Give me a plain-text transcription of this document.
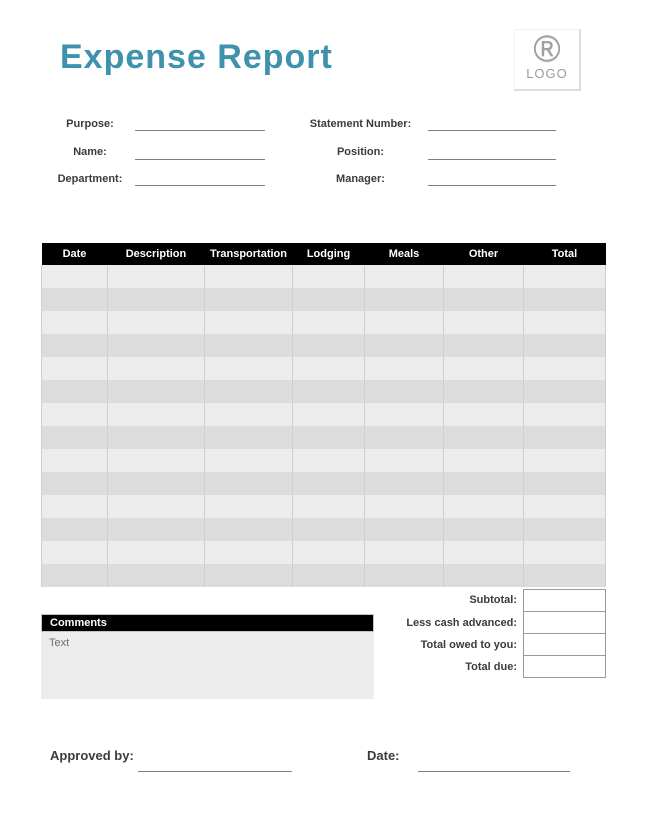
Expense Report	®
LOGO
Purpose:	Statement Number:
Name:	Position:
Department:	Manager:
Date	Description	Transportation	Lodging	Meals	Other	Total

Subtotal:
Less cash advanced:
Total owed to you:
Total due:
Comments
Text
Approved by:	Date:
